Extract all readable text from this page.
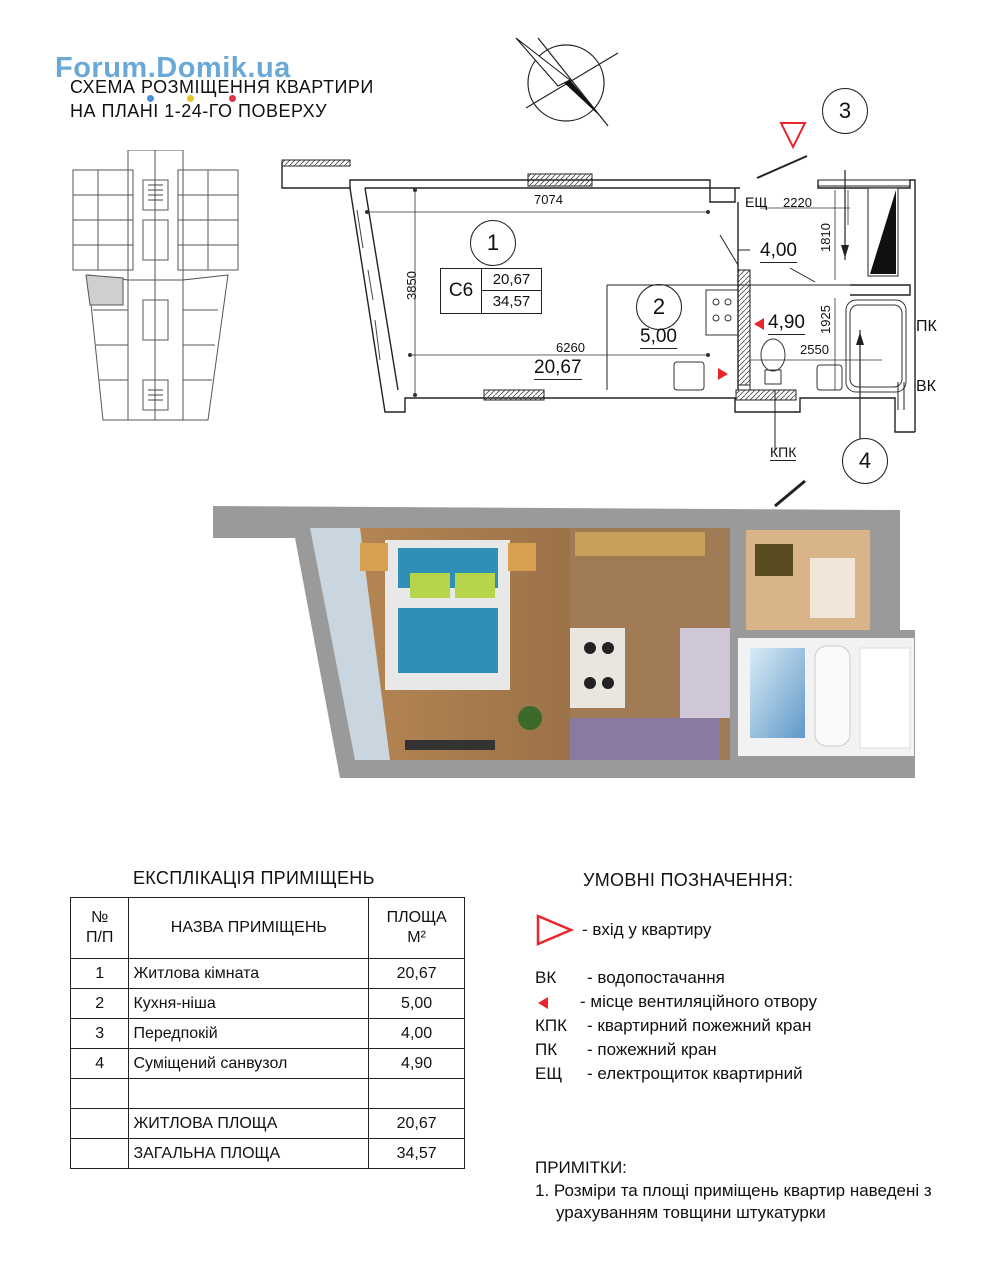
Forum.Domik.ua
СХЕМА РОЗМІЩЕННЯ КВАРТИРИ
НА ПЛАНІ 1-24-ГО ПОВЕРХУ
7074
3850
6260
2220
1810
1925
2550
1
2
3
4
C6
20,67
34,57
20,67
5,00
4,00
4,90
ЕЩ
ПК
ВК
КПК
ЕКСПЛІКАЦІЯ ПРИМІЩЕНЬ
№
П/П	НАЗВА ПРИМІЩЕНЬ	ПЛОЩА
М²
1	Житлова кімната	20,67
2	Кухня-ніша	5,00
3	Передпокій	4,00
4	Суміщений санвузол	4,90

	ЖИТЛОВА ПЛОЩА	20,67
	ЗАГАЛЬНА ПЛОЩА	34,57
УМОВНІ ПОЗНАЧЕННЯ:
- вхід у квартиру
ВК - водопостачання
- місце вентиляційного отвору
КПК - квартирний пожежний кран
ПК - пожежний кран
ЕЩ - електрощиток квартирний
ПРИМІТКИ:
1. Розміри та площі приміщень квартир наведені з
урахуванням товщини штукатурки
